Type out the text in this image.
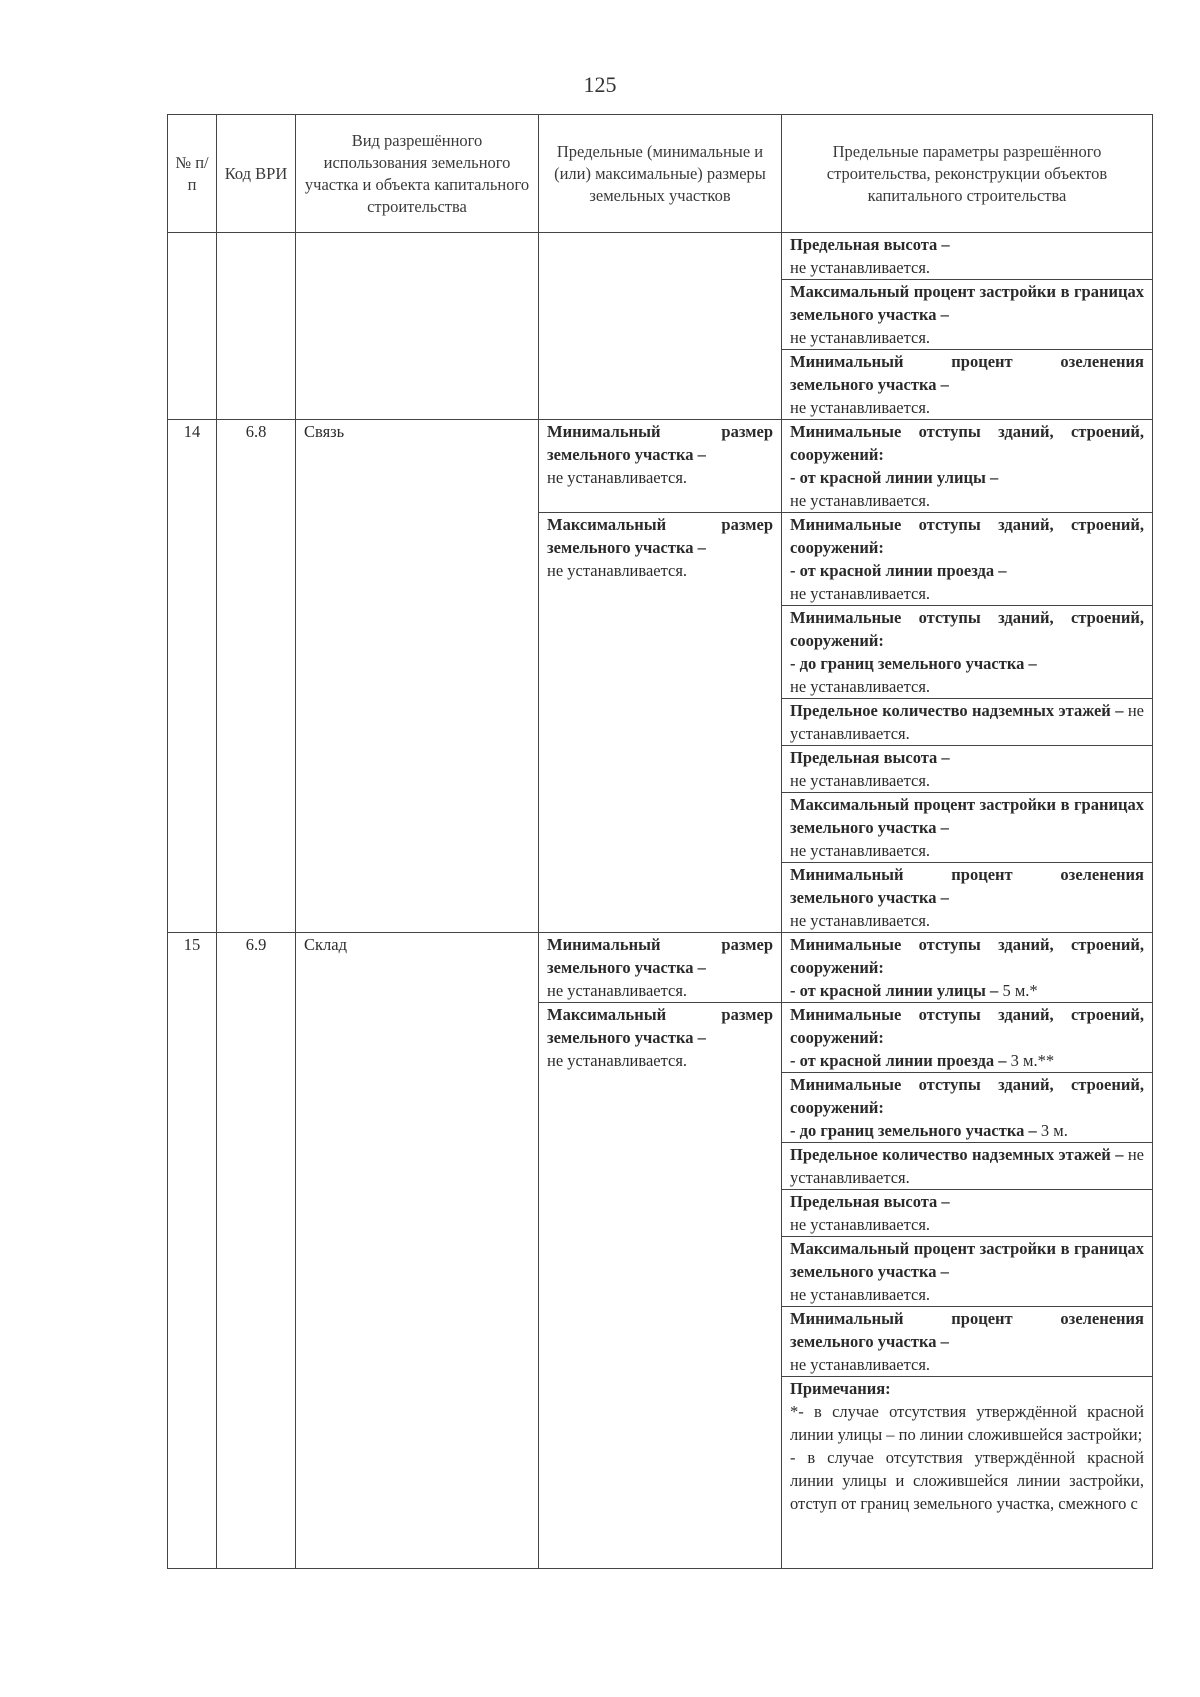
125
№ п/п	Код ВРИ	Вид разрешённого использования земельного участка и объекта капитального строительства	Предельные (минимальные и (или) максимальные) размеры земельных участков	Предельные параметры разрешённого строительства, реконструкции объектов капитального строительства
				Предельная высота –
не устанавливается.
				Максимальный процент застройки в границах земельного участка –
не устанавливается.
				Минимальный процент озеленения земельного участка –
не устанавливается.
14	6.8	Связь	Минимальный размер земельного участка –
не устанавливается.	Минимальные отступы зданий, строений, сооружений:
- от красной линии улицы –
не устанавливается.
			Максимальный размер земельного участка –
не устанавливается.	Минимальные отступы зданий, строений, сооружений:
- от красной линии проезда –
не устанавливается.
				Минимальные отступы зданий, строений, сооружений:
- до границ земельного участка –
не устанавливается.
				Предельное количество надземных этажей – не устанавливается.
				Предельная высота –
не устанавливается.
				Максимальный процент застройки в границах земельного участка –
не устанавливается.
				Минимальный процент озеленения земельного участка –
не устанавливается.
15	6.9	Склад	Минимальный размер земельного участка –
не устанавливается.	Минимальные отступы зданий, строений, сооружений:
- от красной линии улицы – 5 м.*
			Максимальный размер земельного участка –
не устанавливается.	Минимальные отступы зданий, строений, сооружений:
- от красной линии проезда – 3 м.**
				Минимальные отступы зданий, строений, сооружений:
- до границ земельного участка – 3 м.
				Предельное количество надземных этажей – не устанавливается.
				Предельная высота –
не устанавливается.
				Максимальный процент застройки в границах земельного участка –
не устанавливается.
				Минимальный процент озеленения земельного участка –
не устанавливается.
				Примечания:
*- в случае отсутствия утверждённой красной линии улицы – по линии сложившейся застройки;
- в случае отсутствия утверждённой красной линии улицы и сложившейся линии застройки, отступ от границ земельного участка, смежного с
